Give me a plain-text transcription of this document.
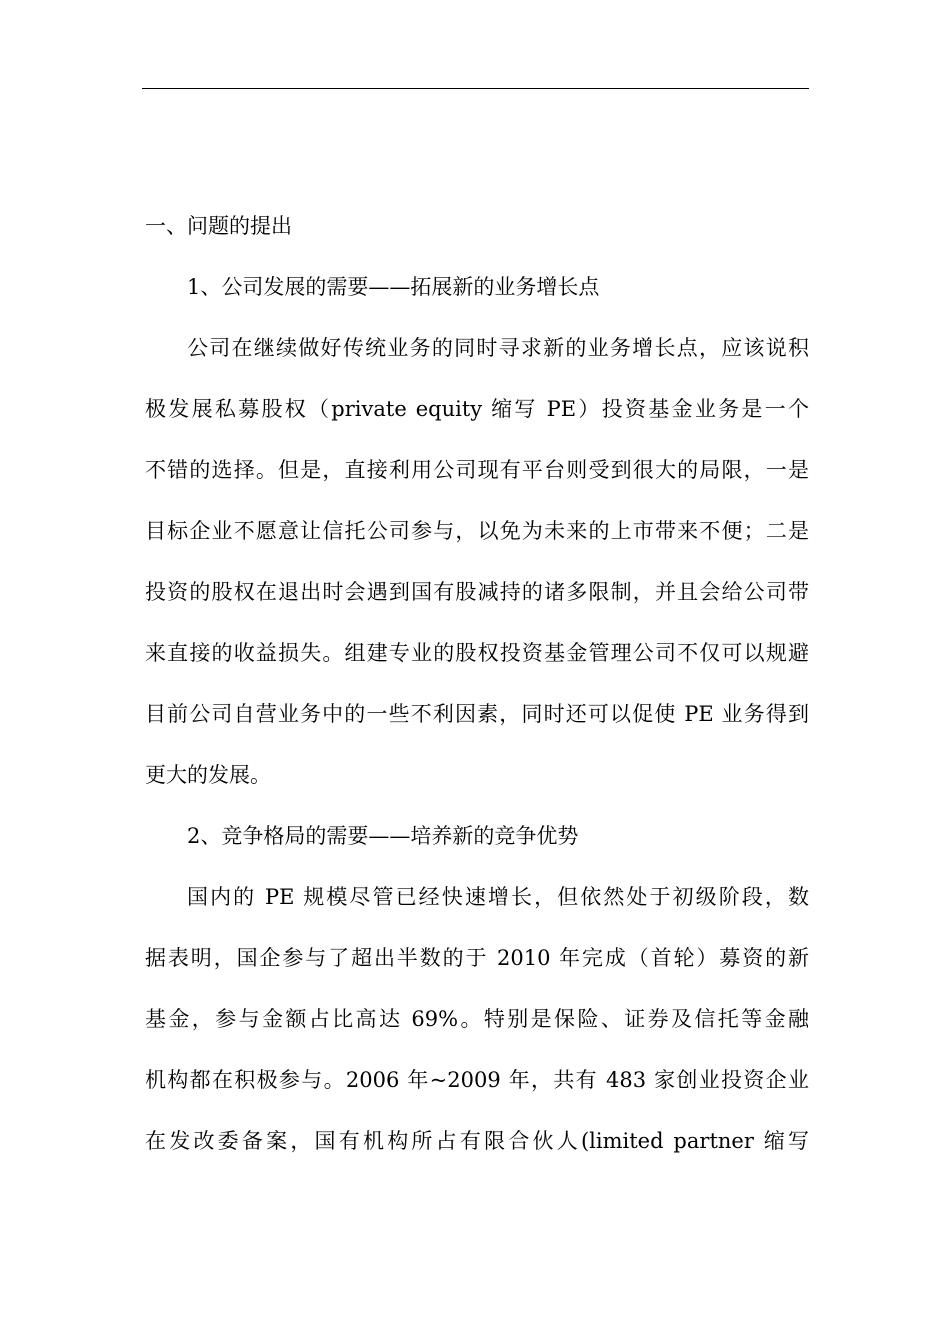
一、问题的提出
1、公司发展的需要——拓展新的业务增长点
公司在继续做好传统业务的同时寻求新的业务增长点，应该说积
极发展私募股权（private equity 缩写 PE）投资基金业务是一个
不错的选择。但是，直接利用公司现有平台则受到很大的局限，一是
目标企业不愿意让信托公司参与，以免为未来的上市带来不便；二是
投资的股权在退出时会遇到国有股减持的诸多限制，并且会给公司带
来直接的收益损失。组建专业的股权投资基金管理公司不仅可以规避
目前公司自营业务中的一些不利因素，同时还可以促使 PE 业务得到
更大的发展。
2、竞争格局的需要——培养新的竞争优势
国内的 PE 规模尽管已经快速增长，但依然处于初级阶段，数
据表明，国企参与了超出半数的于 2010 年完成（首轮）募资的新
基金，参与金额占比高达 69%。特别是保险、证券及信托等金融
机构都在积极参与。2006 年~2009 年，共有 483 家创业投资企业
在发改委备案，国有机构所占有限合伙人(limited partner 缩写
